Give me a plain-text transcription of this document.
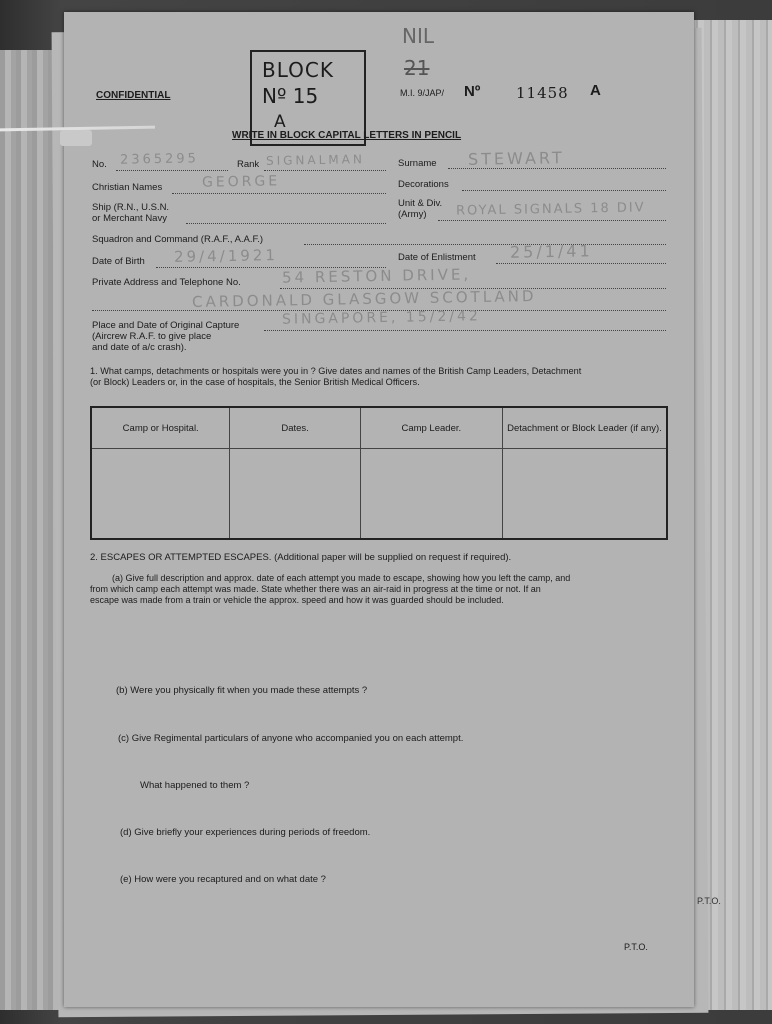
P.T.O.
CONFIDENTIAL
BLOCK
Nº 15
A
NIL
21
M.I. 9/JAP/ Nº 11458 A
WRITE IN BLOCK CAPITAL LETTERS IN PENCIL
No. 2365295	Rank SIGNALMAN	Surname STEWART
Christian Names	GEORGE	Decorations
Ship (R.N., U.S.N.
or Merchant Navy
Unit & Div.
(Army) ROYAL SIGNALS 18 DIV
Squadron and Command (R.A.F., A.A.F.)
Date of Birth 29/4/1921	Date of Enlistment 25/1/41
Private Address and Telephone No.	54 RESTON DRIVE,
CARDONALD GLASGOW SCOTLAND
Place and Date of Original Capture
(Aircrew R.A.F. to give place
and date of a/c crash).
SINGAPORE, 15/2/42
1. What camps, detachments or hospitals were you in ? Give dates and names of the British Camp Leaders, Detachment
(or Block) Leaders or, in the case of hospitals, the Senior British Medical Officers.
Camp or Hospital.	Dates.	Camp Leader.	Detachment or Block Leader (if any).

2. ESCAPES OR ATTEMPTED ESCAPES. (Additional paper will be supplied on request if required).
(a) Give full description and approx. date of each attempt you made to escape, showing how you left the camp, and
from which camp each attempt was made. State whether there was an air-raid in progress at the time or not. If an
escape was made from a train or vehicle the approx. speed and how it was guarded should be included.
(b) Were you physically fit when you made these attempts ?
(c) Give Regimental particulars of anyone who accompanied you on each attempt.
What happened to them ?
(d) Give briefly your experiences during periods of freedom.
(e) How were you recaptured and on what date ?
P.T.O.
